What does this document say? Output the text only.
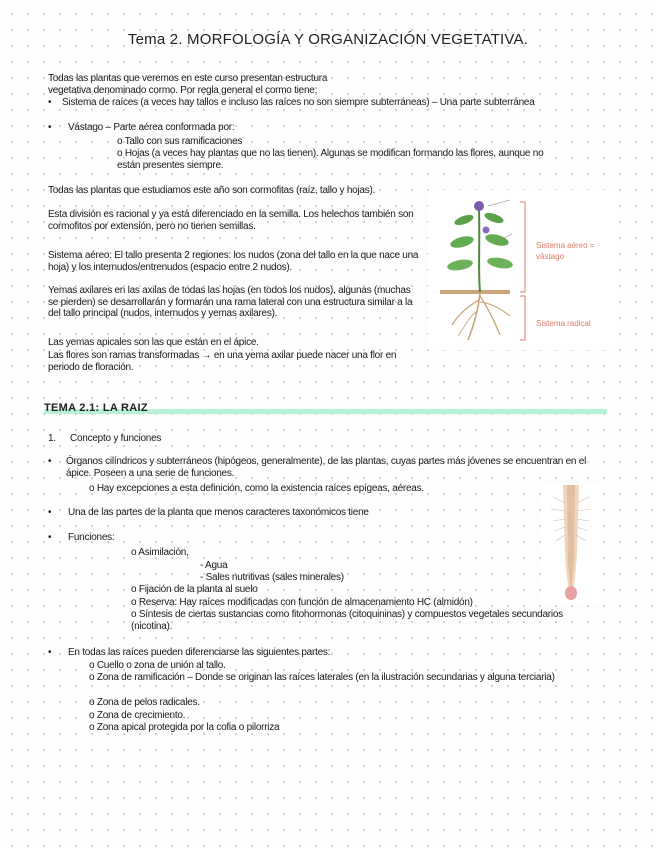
Tema 2. MORFOLOGÍA Y ORGANIZACIÓN VEGETATIVA.

Todas las plantas que veremos en este curso presentan estructura

vegetativa denominado cormo. Por regla general el cormo tiene:

•	Sistema de raíces (a veces hay tallos e incluso las raíces no son siempre subterráneas) – Una parte subterránea
•	Vástago – Parte aérea conformada por:

o Tallo con sus ramificaciones

o Hojas (a veces hay plantas que no las tienen). Algunas se modifican formando las flores, aunque no están presentes siempre.

Todas las plantas que estudiamos este año son cormofitas (raíz, tallo y hojas).

Esta división es racional y ya está diferenciado en la semilla. Los helechos también son cormofitos por extensión, pero no tienen semillas.

Sistema aéreo: El tallo presenta 2 regiones: los nudos (zona del tallo en la que nace una hoja) y los internudos/entrenudos (espacio entre 2 nudos).

Yemas axilares en las axilas de todas las hojas (en todos los nudos), algunas (muchas se pierden) se desarrollarán y formarán una rama lateral con una estructura similar a la del tallo principal (nudos, internudos y yemas axilares).

Las yemas apicales son las que están en el ápice.

Las flores son ramas transformadas → en una yema axilar puede nacer una flor en periodo de floración.

Sistema aéreo = vástago
Sistema radical

TEMA 2.1: LA RAIZ

1. Concepto y funciones

•	Órganos cilíndricos y subterráneos (hipógeos, generalmente), de las plantas, cuyas partes más jóvenes se encuentran en el ápice. Poseen a una serie de funciones.

o Hay excepciones a esta definición, como la existencia raíces epígeas, aéreas.

•	Una de las partes de la planta que menos caracteres taxonómicos tiene
•	Funciones:

o Asimilación,

- Agua

- Sales nutritivas (sales minerales)

o Fijación de la planta al suelo

o Reserva: Hay raíces modificadas con función de almacenamiento HC (almidón)

o Síntesis de ciertas sustancias como fitohormonas (citoquininas) y compuestos vegetales secundarios (nicotina).

•	En todas las raíces pueden diferenciarse las siguientes partes:

o Cuello o zona de unión al tallo.

o Zona de ramificación – Donde se originan las raíces laterales (en la ilustración secundarias y alguna terciaria)

o Zona de pelos radicales.

o Zona de crecimiento.

o Zona apical protegida por la cofia o pilorriza
